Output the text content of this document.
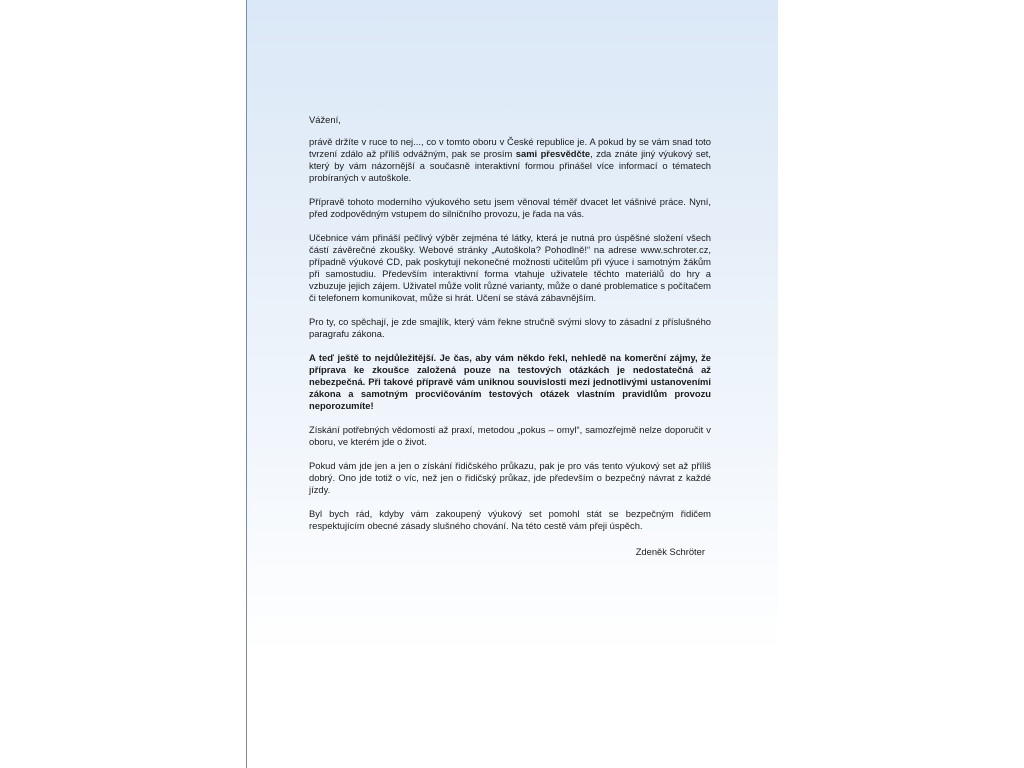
Vážení,

právě držíte v ruce to nej..., co v tomto oboru v České republice je. A pokud by se vám snad toto tvrzení zdálo až příliš odvážným, pak se prosím sami přesvědčte, zda znáte jiný výukový set, který by vám názornější a současně interaktivní formou přinášel více informací o tématech probíraných v autoškole.

Přípravě tohoto moderního výukového setu jsem věnoval téměř dvacet let vášnivé práce. Nyní, před zodpovědným vstupem do silničního provozu, je řada na vás.

Učebnice vám přináší pečlivý výběr zejména té látky, která je nutná pro úspěšné složení všech částí závěrečné zkoušky. Webové stránky „Autoškola? Pohodlně!“ na adrese www.schroter.cz, případně výukové CD, pak poskytují nekonečné možnosti učitelům při výuce i samotným žákům při samostudiu. Především interaktivní forma vtahuje uživatele těchto materiálů do hry a vzbuzuje jejich zájem. Uživatel může volit různé varianty, může o dané problematice s počítačem či telefonem komunikovat, může si hrát. Učení se stává zábavnějším.

Pro ty, co spěchají, je zde smajlík, který vám řekne stručně svými slovy to zásadní z příslušného paragrafu zákona.

A teď ještě to nejdůležitější. Je čas, aby vám někdo řekl, nehledě na komerční zájmy, že příprava ke zkoušce založená pouze na testových otázkách je nedostatečná až nebezpečná. Při takové přípravě vám uniknou souvislosti mezi jednotlivými ustanoveními zákona a samotným procvičováním testových otázek vlastním pravidlům provozu neporozumíte!

Získání potřebných vědomostí až praxí, metodou „pokus – omyl“, samozřejmě nelze doporučit v oboru, ve kterém jde o život.

Pokud vám jde jen a jen o získání řidičského průkazu, pak je pro vás tento výukový set až příliš dobrý. Ono jde totiž o víc, než jen o řidičský průkaz, jde především o bezpečný návrat z každé jízdy.

Byl bych rád, kdyby vám zakoupený výukový set pomohl stát se bezpečným řidičem respektujícím obecné zásady slušného chování. Na této cestě vám přeji úspěch.

Zdeněk Schröter
